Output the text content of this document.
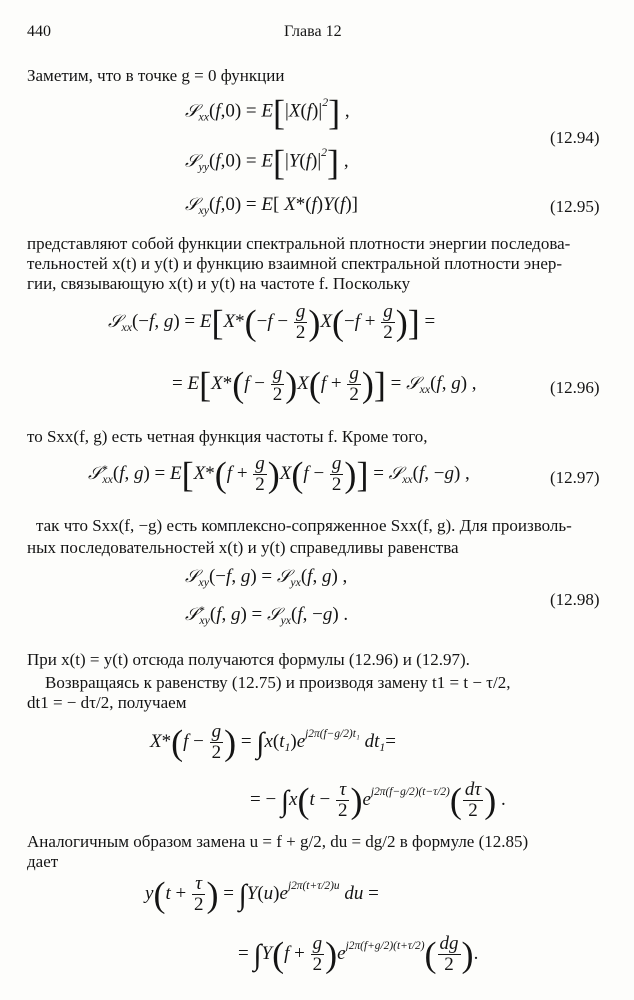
440	Глава 12
Заметим, что в точке g = 0 функции
𝒮$_{xx}$(f,0) = $E[|X(f)|^2]$ ,
𝒮$_{yy}$(f,0) = $E[|Y(f)|^2]$ ,
𝒮$_{xy}$(f,0) = E[ X*(f)Y(f)]
(12.94)
(12.95)
представляют собой функции спектральной плотности энергии последова-
тельностей x(t) и y(t) и функцию взаимной спектральной плотности энер-
гии, связывающую x(t) и y(t) на частоте f. Поскольку
𝒮$_{xx}$(−f, $g) = E[X*(-f - \frac{g}{2} )X(-f + \frac{g}{2}$ )] =
= $E[X*(f - \frac{g}{2} )X(f + \frac{g}{2}$ )] = 𝒮$_{xx}$(f, g) ,	(12.96)
то Sxx(f, g) есть четная функция частоты f. Кроме того,
𝒮*$_{xx}$(f, $g) = E[X*(f + \frac{g}{2} )X(f - \frac{g}{2}$ )] = 𝒮$_{xx}$(f, −g) ,	(12.97)
так что Sxx(f, −g) есть комплексно-сопряженное Sxx(f, g). Для произволь-
ных последовательностей x(t) и y(t) справедливы равенства
𝒮$_{xy}$(−f, g) = 𝒮$_{yx}$(f, g) ,
𝒮*$_{xy}$(f, g) = 𝒮$_{yx}$(f, −g) .
(12.98)
При x(t) = y(t) отсюда получаются формулы (12.96) и (12.97).
Возвращаясь к равенству (12.75) и производя замену t1 = t − τ/2,
dt1 = − dτ/2, получаем
$X*(f - \frac{g}{2}$ ) = $\int x(t_1)e^{j2\pi(f-g/2)t_1}$ $dt_1=$
= − $\int x(t - \frac{\tau}{2} )e^{j2\pi(f-g/2)(t-\tau/2)}( \frac{d\tau}{2}$ ) .
Аналогичным образом замена u = f + g/2, du = dg/2 в формуле (12.85)
дает
$y(t + \frac{\tau}{2}$ ) = $\int Y(u)e^{j2\pi(t+\tau/2)u}$ du =
= $\int Y(f + \frac{g}{2} )e^{j2\pi(f+g/2)(t+\tau/2)}( \frac{dg}{2}$ ).
